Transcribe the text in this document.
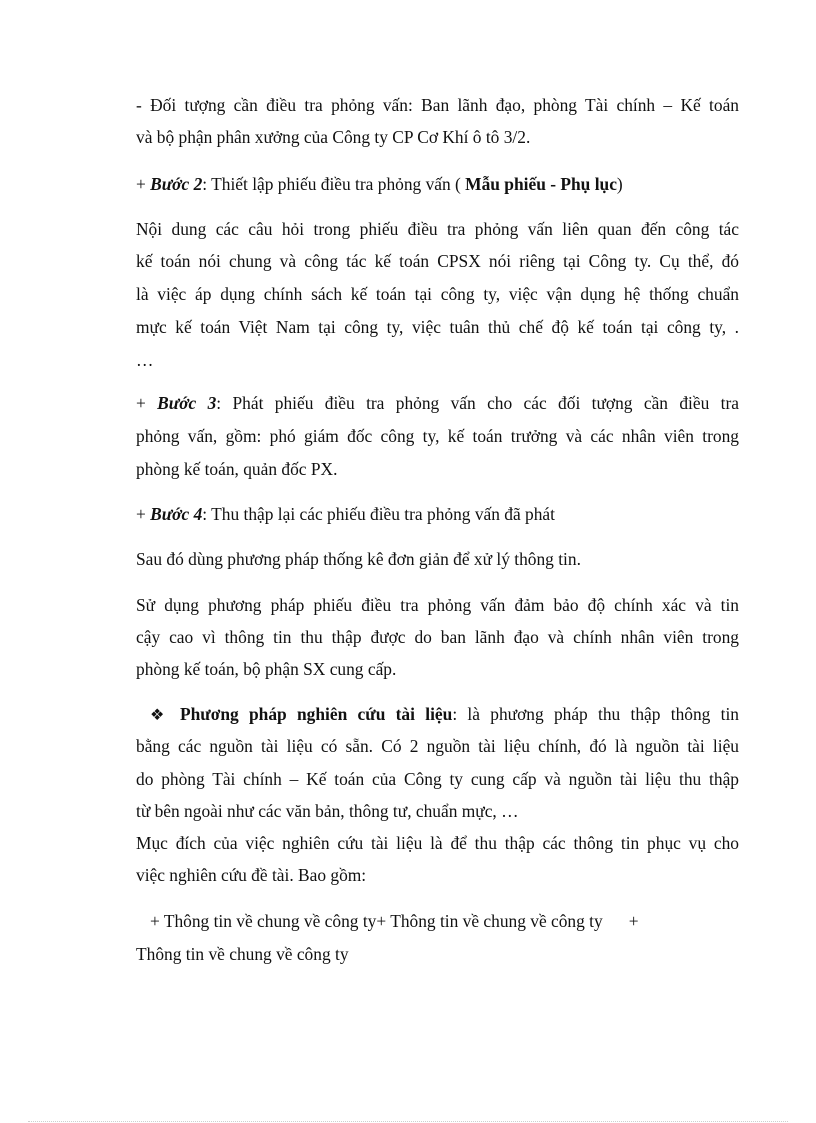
- Đối tượng cần điều tra phỏng vấn: Ban lãnh đạo, phòng Tài chính – Kế toán
và bộ phận phân xưởng của Công ty CP Cơ Khí ô tô 3/2.
+ Bước 2: Thiết lập phiếu điều tra phỏng vấn ( Mẫu phiếu - Phụ lục)
Nội dung các câu hỏi trong phiếu điều tra phỏng vấn liên quan đến công tác
kế toán nói chung và công tác kế toán CPSX nói riêng tại Công ty. Cụ thể, đó
là việc áp dụng chính sách kế toán tại công ty, việc vận dụng hệ thống chuẩn
mực kế toán Việt Nam tại công ty, việc tuân thủ chế độ kế toán tại công ty, .
…
+ Bước 3: Phát phiếu điều tra phỏng vấn cho các đối tượng cần điều tra
phỏng vấn, gồm: phó giám đốc công ty, kế toán trưởng và các nhân viên trong
phòng kế toán, quản đốc PX.
+ Bước 4: Thu thập lại các phiếu điều tra phỏng vấn đã phát
Sau đó dùng phương pháp thống kê đơn giản để xử lý thông tin.
Sử dụng phương pháp phiếu điều tra phỏng vấn đảm bảo độ chính xác và tin
cậy cao vì thông tin thu thập được do ban lãnh đạo và chính nhân viên trong
phòng kế toán, bộ phận SX cung cấp.
❖ Phương pháp nghiên cứu tài liệu: là phương pháp thu thập thông tin
bằng các nguồn tài liệu có sẵn. Có 2 nguồn tài liệu chính, đó là nguồn tài liệu
do phòng Tài chính – Kế toán của Công ty cung cấp và nguồn tài liệu thu thập
từ bên ngoài như các văn bản, thông tư, chuẩn mực, …
Mục đích của việc nghiên cứu tài liệu là để thu thập các thông tin phục vụ cho
việc nghiên cứu đề tài. Bao gồm:
+ Thông tin về chung về công ty+ Thông tin về chung về công ty      +
Thông tin về chung về công ty
